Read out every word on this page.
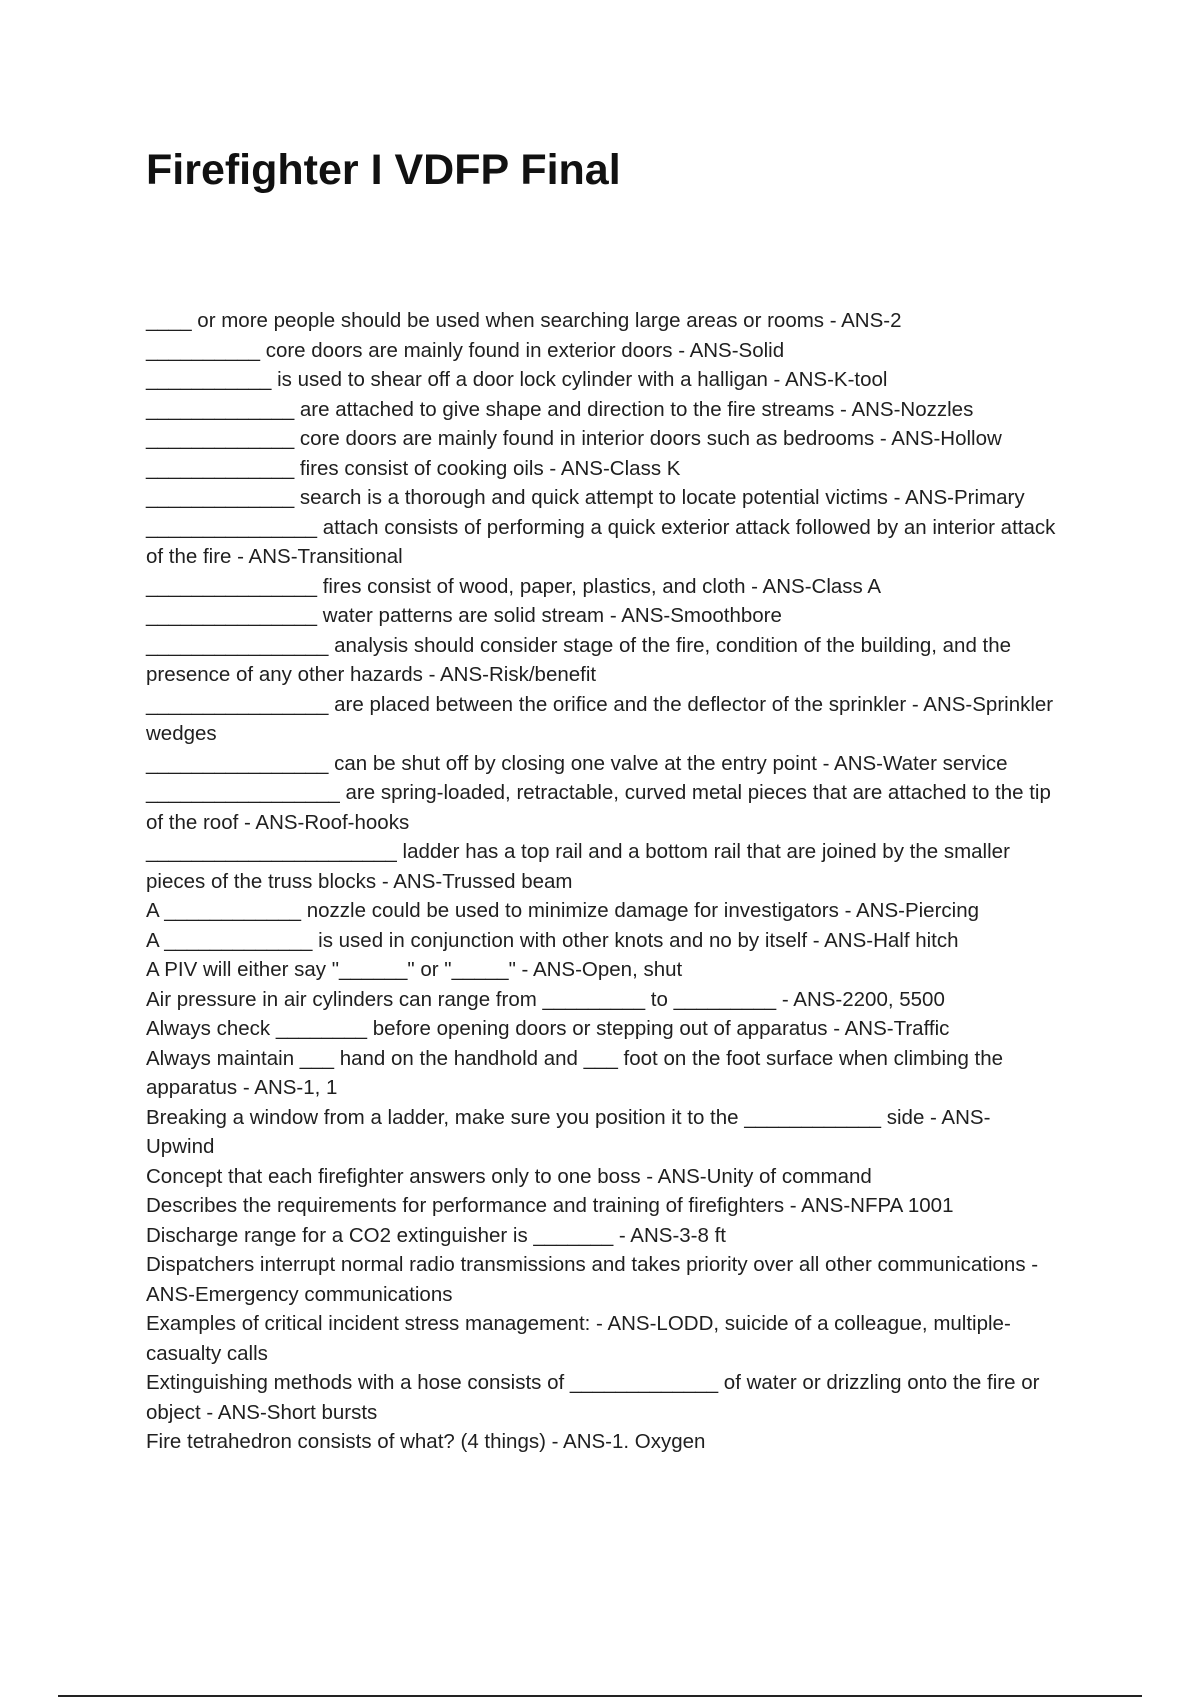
Firefighter I VDFP Final
____ or more people should be used when searching large areas or rooms - ANS-2
__________ core doors are mainly found in exterior doors - ANS-Solid
___________ is used to shear off a door lock cylinder with a halligan - ANS-K-tool
_____________ are attached to give shape and direction to the fire streams - ANS-Nozzles
_____________ core doors are mainly found in interior doors such as bedrooms - ANS-Hollow
_____________ fires consist of cooking oils - ANS-Class K
_____________ search is a thorough and quick attempt to locate potential victims - ANS-Primary
_______________ attach consists of performing a quick exterior attack followed by an interior attack of the fire - ANS-Transitional
_______________ fires consist of wood, paper, plastics, and cloth - ANS-Class A
_______________ water patterns are solid stream - ANS-Smoothbore
________________ analysis should consider stage of the fire, condition of the building, and the presence of any other hazards - ANS-Risk/benefit
________________ are placed between the orifice and the deflector of the sprinkler - ANS-Sprinkler wedges
________________ can be shut off by closing one valve at the entry point - ANS-Water service
_________________ are spring-loaded, retractable, curved metal pieces that are attached to the tip of the roof - ANS-Roof-hooks
______________________ ladder has a top rail and a bottom rail that are joined by the smaller pieces of the truss blocks - ANS-Trussed beam
A ____________ nozzle could be used to minimize damage for investigators - ANS-Piercing
A _____________ is used in conjunction with other knots and no by itself - ANS-Half hitch
A PIV will either say "______" or "_____" - ANS-Open, shut
Air pressure in air cylinders can range from _________ to _________ - ANS-2200, 5500
Always check ________ before opening doors or stepping out of apparatus - ANS-Traffic
Always maintain ___ hand on the handhold and ___ foot on the foot surface when climbing the apparatus - ANS-1, 1
Breaking a window from a ladder, make sure you position it to the ____________ side - ANS-Upwind
Concept that each firefighter answers only to one boss - ANS-Unity of command
Describes the requirements for performance and training of firefighters - ANS-NFPA 1001
Discharge range for a CO2 extinguisher is _______ - ANS-3-8 ft
Dispatchers interrupt normal radio transmissions and takes priority over all other communications - ANS-Emergency communications
Examples of critical incident stress management: - ANS-LODD, suicide of a colleague, multiple-casualty calls
Extinguishing methods with a hose consists of _____________ of water or drizzling onto the fire or object - ANS-Short bursts
Fire tetrahedron consists of what? (4 things) - ANS-1. Oxygen
